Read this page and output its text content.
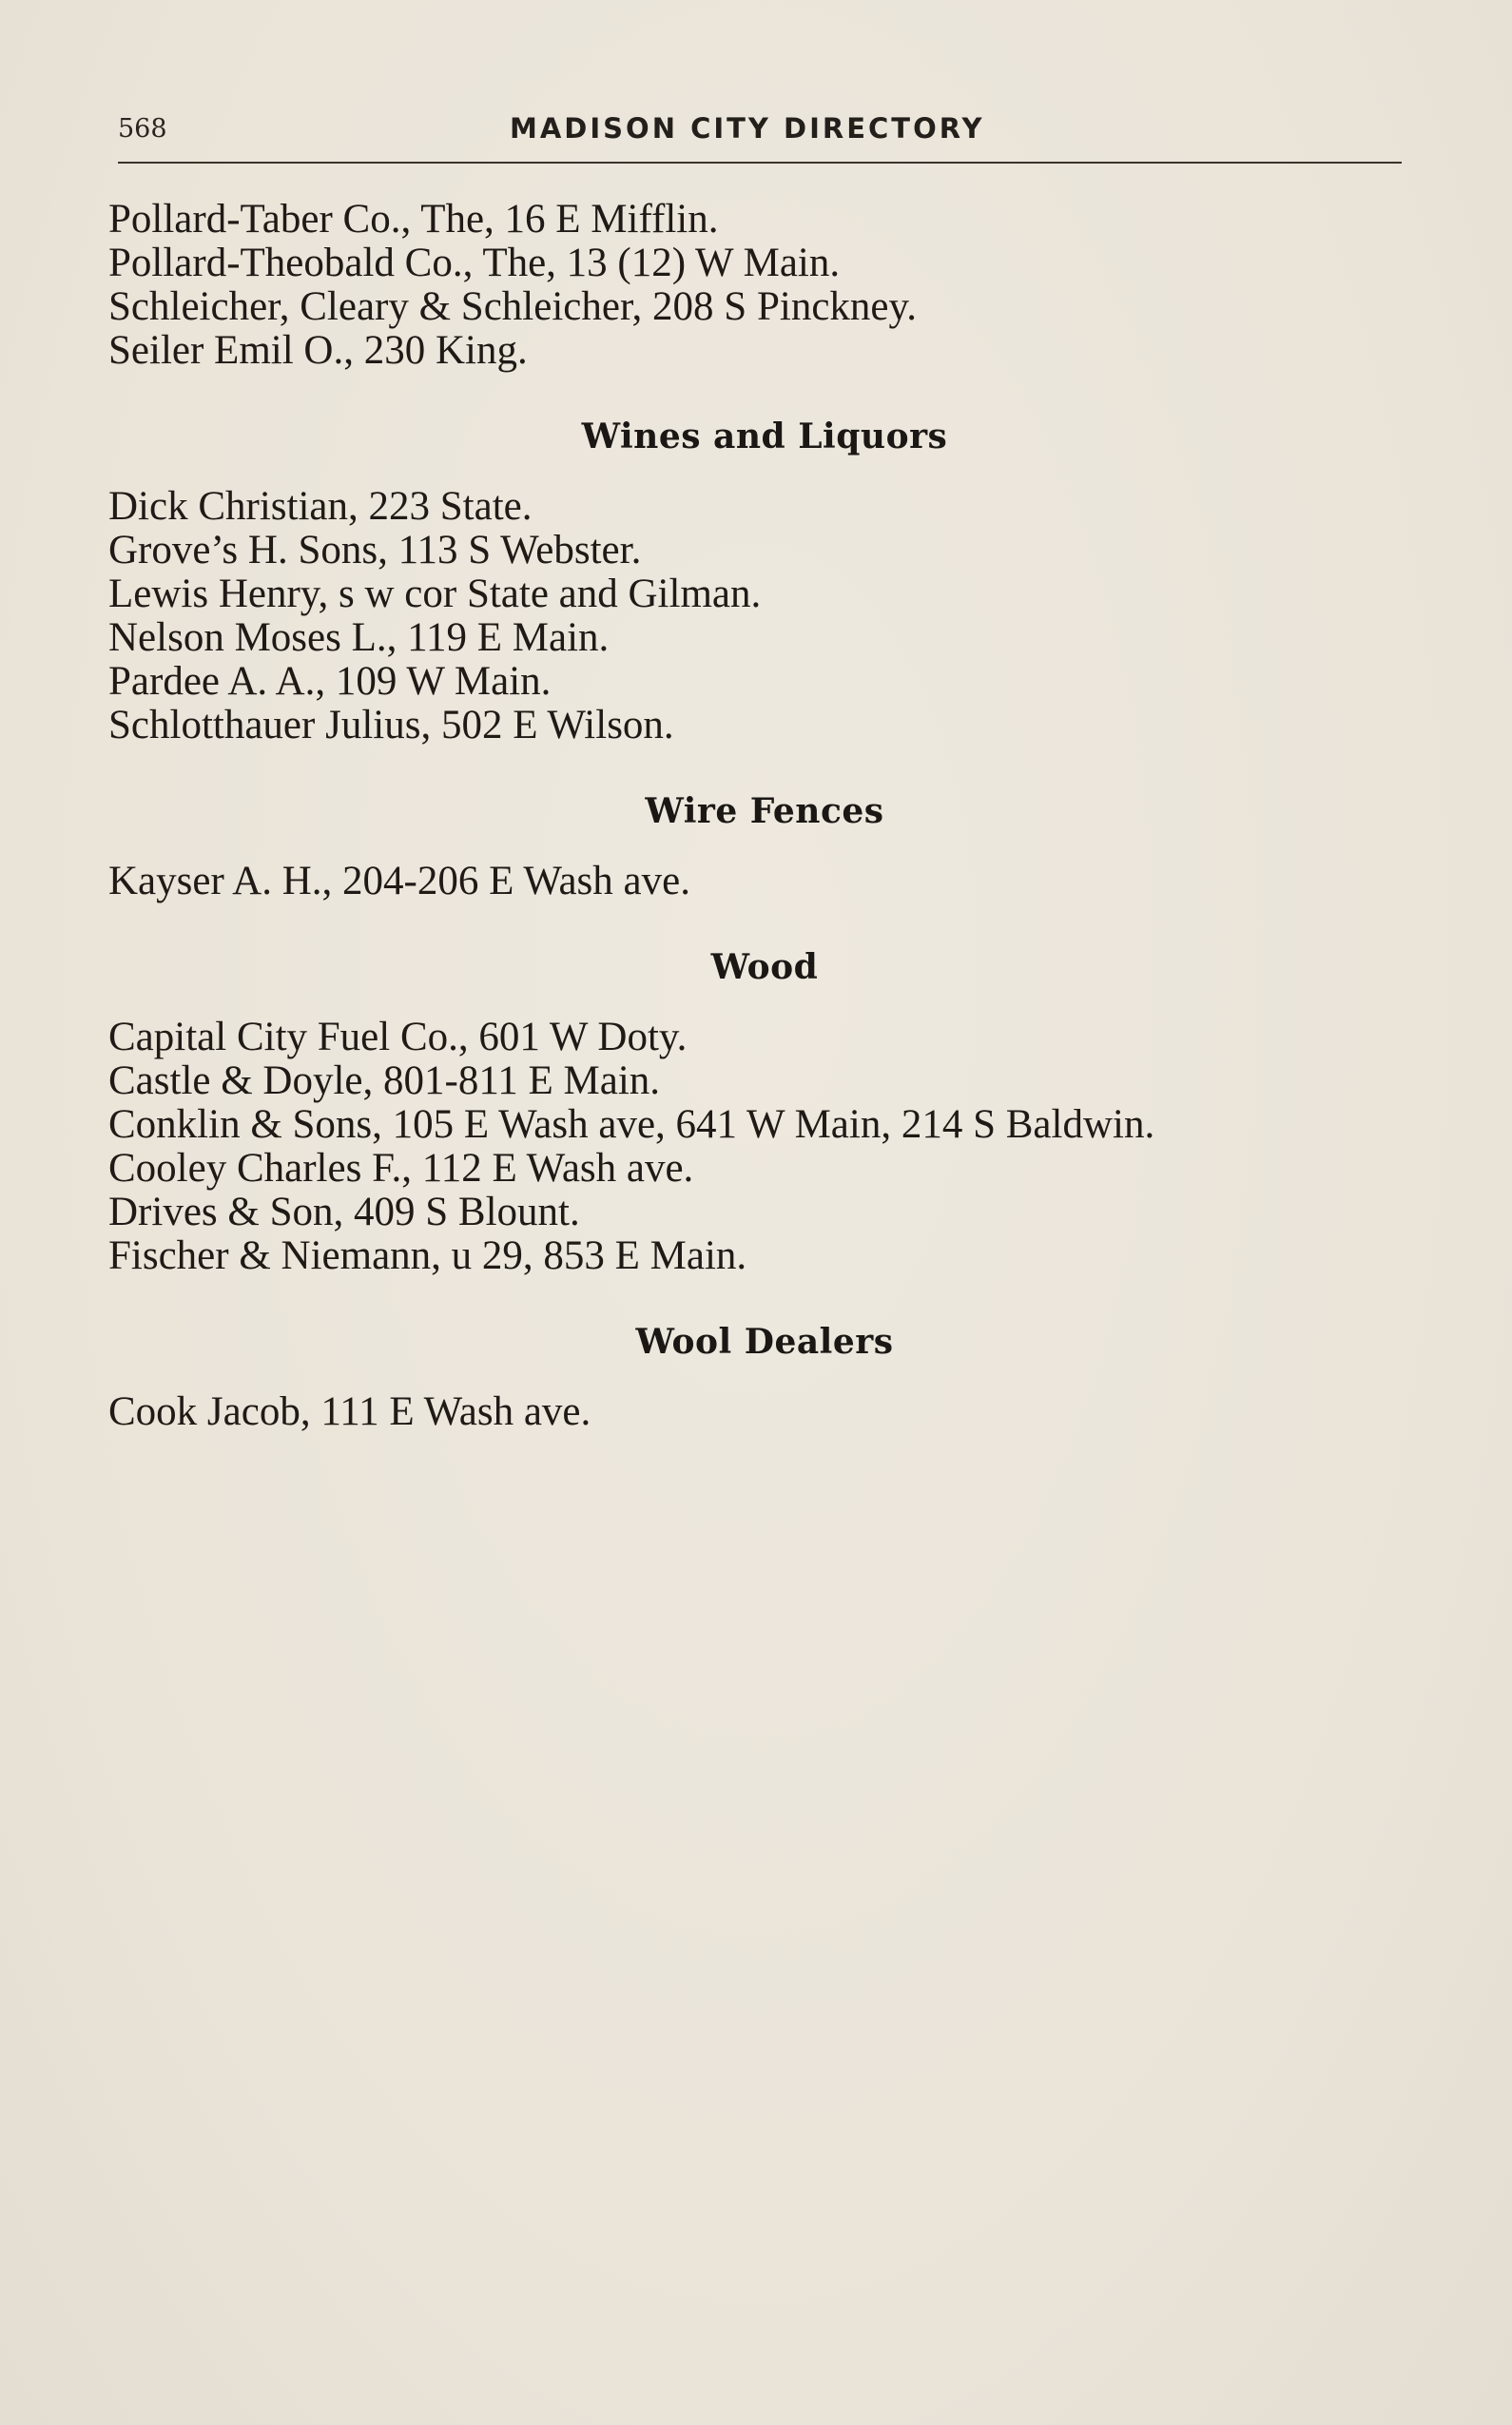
568	MADISON CITY DIRECTORY

Pollard-Taber Co., The, 16 E Mifflin.

Pollard-Theobald Co., The, 13 (12) W Main.

Schleicher, Cleary & Schleicher, 208 S Pinckney.

Seiler Emil O., 230 King.

Wines and Liquors

Dick Christian, 223 State.

Grove’s H. Sons, 113 S Webster.

Lewis Henry, s w cor State and Gilman.

Nelson Moses L., 119 E Main.

Pardee A. A., 109 W Main.

Schlotthauer Julius, 502 E Wilson.

Wire Fences

Kayser A. H., 204-206 E Wash ave.

Wood

Capital City Fuel Co., 601 W Doty.

Castle & Doyle, 801-811 E Main.

Conklin & Sons, 105 E Wash ave, 641 W Main, 214 S Baldwin.

Cooley Charles F., 112 E Wash ave.

Drives & Son, 409 S Blount.

Fischer & Niemann, u 29, 853 E Main.

Wool Dealers

Cook Jacob, 111 E Wash ave.
